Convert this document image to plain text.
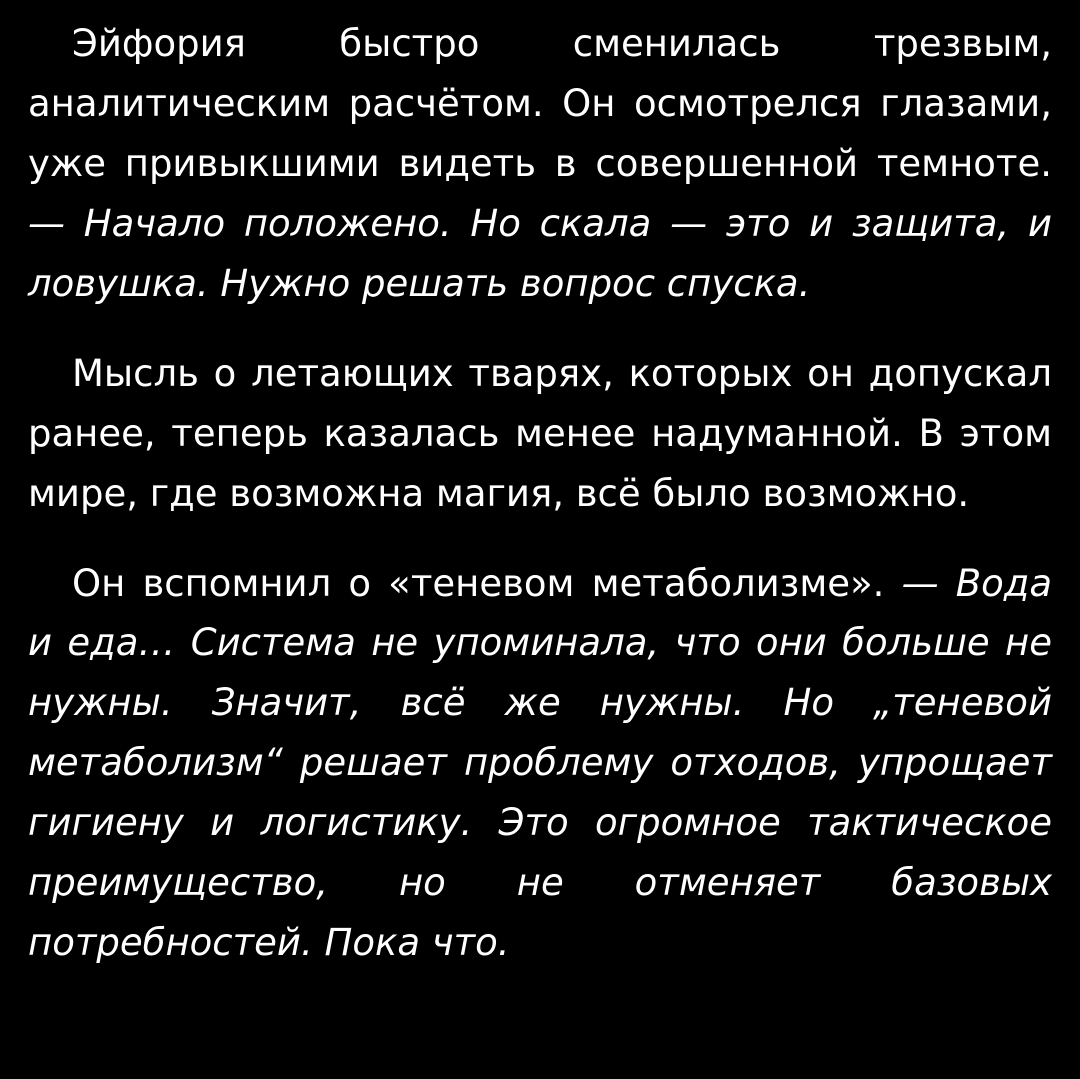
Эйфория быстро сменилась трезвым, аналитическим расчётом. Он осмотрелся глазами, уже привыкшими видеть в совершенной темноте. — Начало положено. Но скала — это и защита, и ловушка. Нужно решать вопрос спуска.

Мысль о летающих тварях, которых он допускал ранее, теперь казалась менее надуманной. В этом мире, где возможна магия, всё было возможно.

Он вспомнил о «теневом метаболизме». — Вода и еда… Система не упоминала, что они больше не нужны. Значит, всё же нужны. Но „теневой метаболизм“ решает проблему отходов, упрощает гигиену и логистику. Это огромное тактическое преимущество, но не отменяет базовых потребностей. Пока что.
